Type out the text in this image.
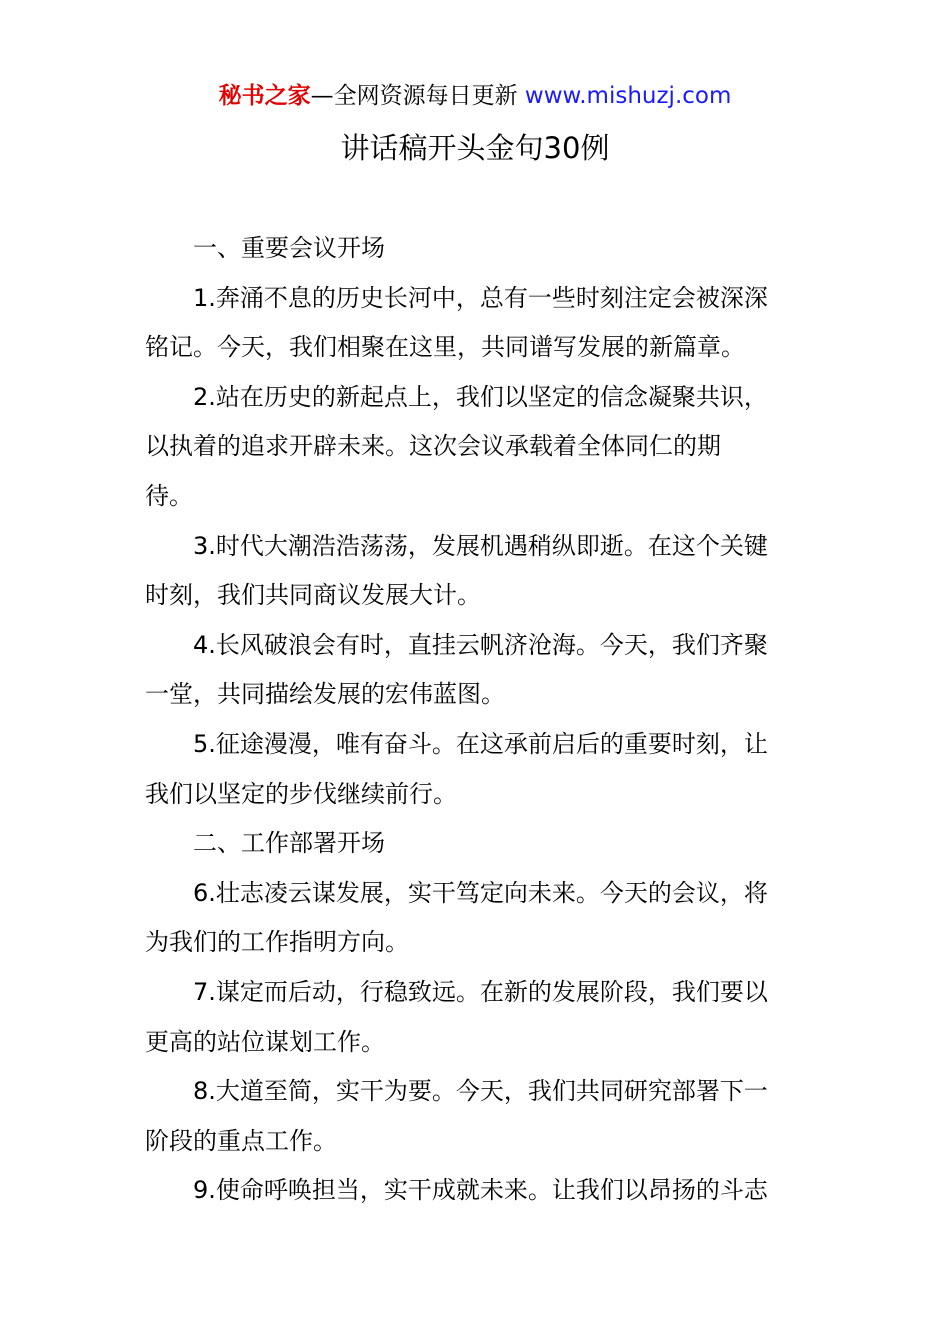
秘书之家—全网资源每日更新 www.mishuzj.com
讲话稿开头金句30例

一、重要会议开场

1.奔涌不息的历史长河中，总有一些时刻注定会被深深
铭记。今天，我们相聚在这里，共同谱写发展的新篇章。

2.站在历史的新起点上，我们以坚定的信念凝聚共识，
以执着的追求开辟未来。这次会议承载着全体同仁的期
待。

3.时代大潮浩浩荡荡，发展机遇稍纵即逝。在这个关键
时刻，我们共同商议发展大计。

4.长风破浪会有时，直挂云帆济沧海。今天，我们齐聚
一堂，共同描绘发展的宏伟蓝图。

5.征途漫漫，唯有奋斗。在这承前启后的重要时刻，让
我们以坚定的步伐继续前行。

二、工作部署开场

6.壮志凌云谋发展，实干笃定向未来。今天的会议，将
为我们的工作指明方向。

7.谋定而后动，行稳致远。在新的发展阶段，我们要以
更高的站位谋划工作。

8.大道至简，实干为要。今天，我们共同研究部署下一
阶段的重点工作。

9.使命呼唤担当，实干成就未来。让我们以昂扬的斗志
